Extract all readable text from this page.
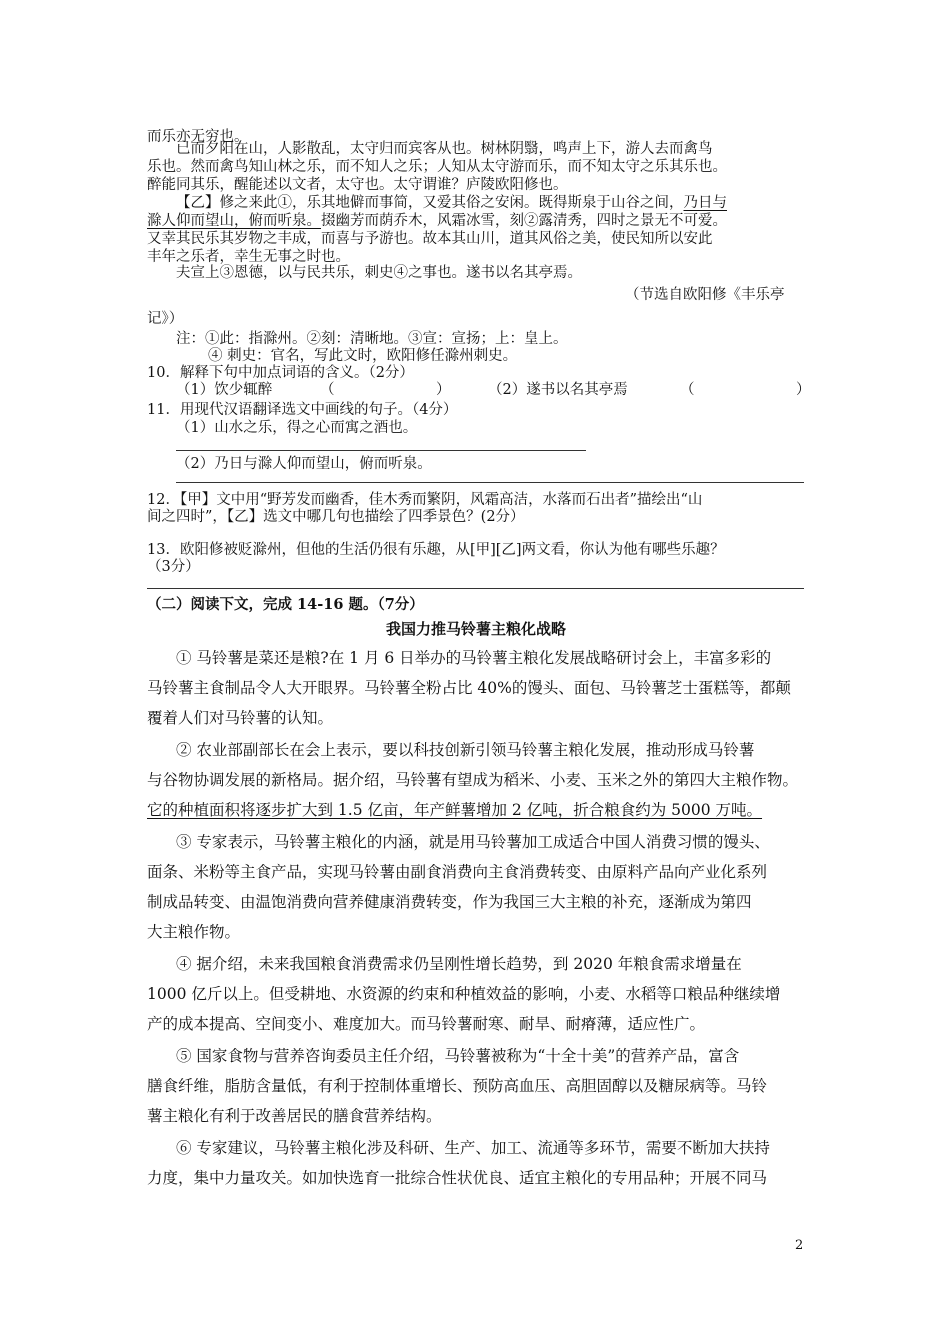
而乐亦无穷也。
已而夕阳在山，人影散乱，太守归而宾客从也。树林阴翳，鸣声上下，游人去而禽鸟
乐也。然而禽鸟知山林之乐，而不知人之乐；人知从太守游而乐，而不知太守之乐其乐也。
醉能同其乐，醒能述以文者，太守也。太守谓谁？庐陵欧阳修也。
【乙】修之来此①，乐其地僻而事简，又爱其俗之安闲。既得斯泉于山谷之间，乃日与
滁人仰而望山，俯而听泉。掇幽芳而荫乔木，风霜冰雪，刻②露清秀，四时之景无不可爱。
又幸其民乐其岁物之丰成，而喜与予游也。故本其山川，道其风俗之美，使民知所以安此
丰年之乐者，幸生无事之时也。
夫宣上③恩德，以与民共乐，刺史④之事也。遂书以名其亭焉。
（节选自欧阳修《丰乐亭
记》）
注：①此：指滁州。②刻：清晰地。③宣：宣扬；上：皇上。
④ 刺史：官名，写此文时，欧阳修任滁州刺史。
10．解释下句中加点词语的含义。（2分）
（1）饮少辄醉	（　　　　　　　）	（2）遂书以名其亭焉	（　　　　　　　）
11．用现代汉语翻译选文中画线的句子。（4分）
（1）山水之乐，得之心而寓之酒也。
（2）乃日与滁人仰而望山，俯而听泉。
12．【甲】文中用“野芳发而幽香，佳木秀而繁阴，风霜高洁，水落而石出者”描绘出“山
间之四时”，【乙】选文中哪几句也描绘了四季景色？(2分）
13．欧阳修被贬滁州，但他的生活仍很有乐趣，从[甲][乙]两文看，你认为他有哪些乐趣？
（3分）
（二）阅读下文，完成 14-16 题。（7分）
我国力推马铃薯主粮化战略
① 马铃薯是菜还是粮?在 1 月 6 日举办的马铃薯主粮化发展战略研讨会上，丰富多彩的
马铃薯主食制品令人大开眼界。马铃薯全粉占比 40%的馒头、面包、马铃薯芝士蛋糕等，都颠
覆着人们对马铃薯的认知。
② 农业部副部长在会上表示，要以科技创新引领马铃薯主粮化发展，推动形成马铃薯
与谷物协调发展的新格局。据介绍，马铃薯有望成为稻米、小麦、玉米之外的第四大主粮作物。
它的种植面积将逐步扩大到 1.5 亿亩，年产鲜薯增加 2 亿吨，折合粮食约为 5000 万吨。
③ 专家表示，马铃薯主粮化的内涵，就是用马铃薯加工成适合中国人消费习惯的馒头、
面条、米粉等主食产品，实现马铃薯由副食消费向主食消费转变、由原料产品向产业化系列
制成品转变、由温饱消费向营养健康消费转变，作为我国三大主粮的补充，逐渐成为第四
大主粮作物。
④ 据介绍，未来我国粮食消费需求仍呈刚性增长趋势，到 2020 年粮食需求增量在
1000 亿斤以上。但受耕地、水资源的约束和种植效益的影响，小麦、水稻等口粮品种继续增
产的成本提高、空间变小、难度加大。而马铃薯耐寒、耐旱、耐瘠薄，适应性广。
⑤ 国家食物与营养咨询委员主任介绍，马铃薯被称为“十全十美”的营养产品，富含
膳食纤维，脂肪含量低，有利于控制体重增长、预防高血压、高胆固醇以及糖尿病等。马铃
薯主粮化有利于改善居民的膳食营养结构。
⑥ 专家建议，马铃薯主粮化涉及科研、生产、加工、流通等多环节，需要不断加大扶持
力度，集中力量攻关。如加快选育一批综合性状优良、适宜主粮化的专用品种；开展不同马
2
